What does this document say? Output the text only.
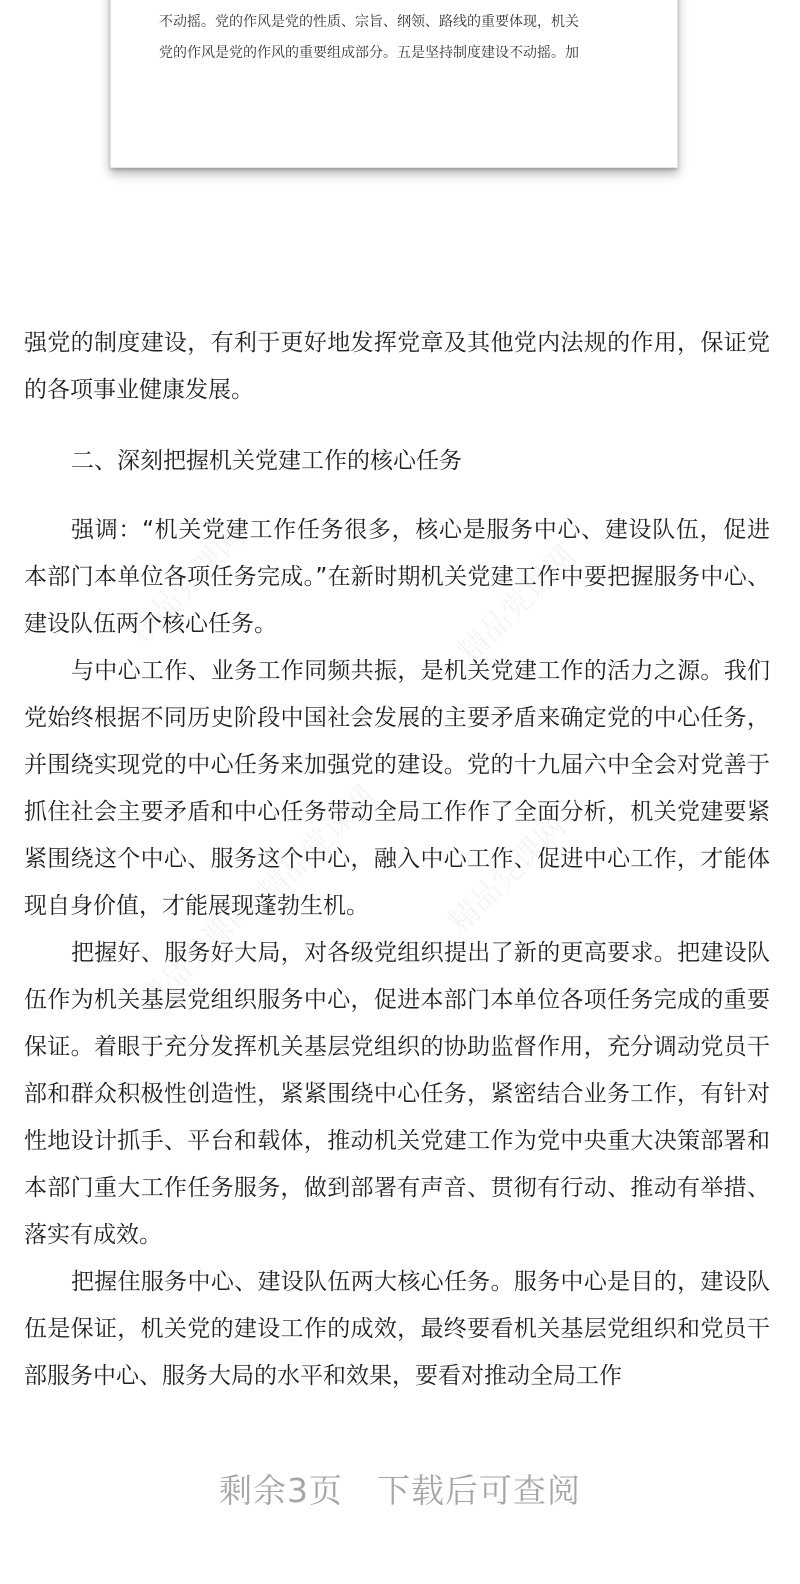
不动摇。党的作风是党的性质、宗旨、纲领、路线的重要体现，机关
党的作风是党的作风的重要组成部分。五是坚持制度建设不动摇。加

强党的制度建设，有利于更好地发挥党章及其他党内法规的作用，保证党的各项事业健康发展。

二、深刻把握机关党建工作的核心任务

强调：“机关党建工作任务很多，核心是服务中心、建设队伍，促进本部门本单位各项任务完成。”在新时期机关党建工作中要把握服务中心、建设队伍两个核心任务。

与中心工作、业务工作同频共振，是机关党建工作的活力之源。我们党始终根据不同历史阶段中国社会发展的主要矛盾来确定党的中心任务，并围绕实现党的中心任务来加强党的建设。党的十九届六中全会对党善于抓住社会主要矛盾和中心任务带动全局工作作了全面分析，机关党建要紧紧围绕这个中心、服务这个中心，融入中心工作、促进中心工作，才能体现自身价值，才能展现蓬勃生机。

把握好、服务好大局，对各级党组织提出了新的更高要求。把建设队伍作为机关基层党组织服务中心，促进本部门本单位各项任务完成的重要保证。着眼于充分发挥机关基层党组织的协助监督作用，充分调动党员干部和群众积极性创造性，紧紧围绕中心任务，紧密结合业务工作，有针对性地设计抓手、平台和载体，推动机关党建工作为党中央重大决策部署和本部门重大工作任务服务，做到部署有声音、贯彻有行动、推动有举措、落实有成效。

把握住服务中心、建设队伍两大核心任务。服务中心是目的，建设队伍是保证，机关党的建设工作的成效，最终要看机关基层党组织和党员干部服务中心、服务大局的水平和效果，要看对推动全局工作

剩余3页 下载后可查阅
